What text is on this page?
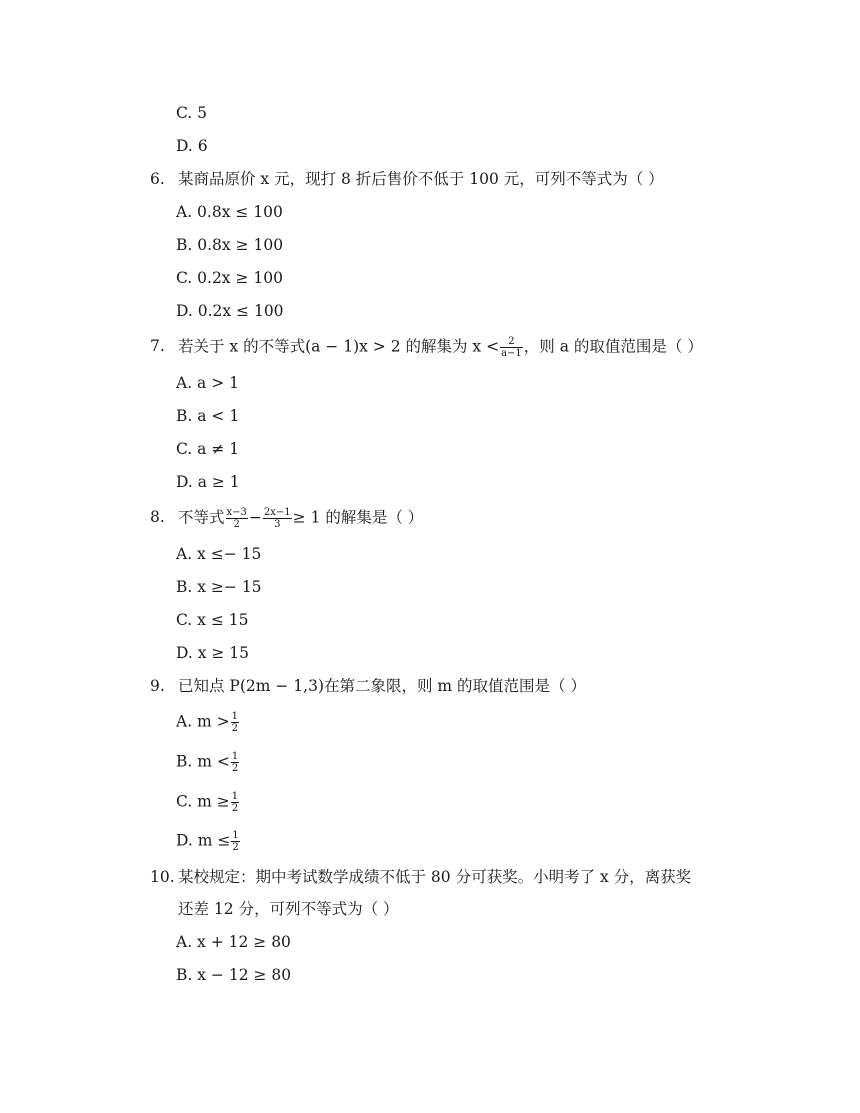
C. 5
D. 6
6. 某商品原价 x 元，现打 8 折后售价不低于 100 元，可列不等式为（ ）
A. 0.8x ≤ 100
B. 0.8x ≥ 100
C. 0.2x ≥ 100
D. 0.2x ≤ 100
7. 若关于 x 的不等式(a − 1)x > 2 的解集为 $x < \frac{2}{a-1}$ ，则 a 的取值范围是（ ）
A. a > 1
B. a < 1
C. a ≠ 1
D. a ≥ 1
8. 不等式 $\frac{x-3}{2} - \frac{2x-1}{3} \ge 1$ 的解集是（ ）
A. x ≤− 15
B. x ≥− 15
C. x ≤ 15
D. x ≥ 15
9. 已知点 P(2m − 1,3)在第二象限，则 m 的取值范围是（ ）
A. $m > \frac{1}{2}$
B. $m < \frac{1}{2}$
C. $m \ge \frac{1}{2}$
D. $m \le \frac{1}{2}$
10. 某校规定：期中考试数学成绩不低于 80 分可获奖。小明考了 x 分，离获奖
还差 12 分，可列不等式为（ ）
A. x + 12 ≥ 80
B. x − 12 ≥ 80
